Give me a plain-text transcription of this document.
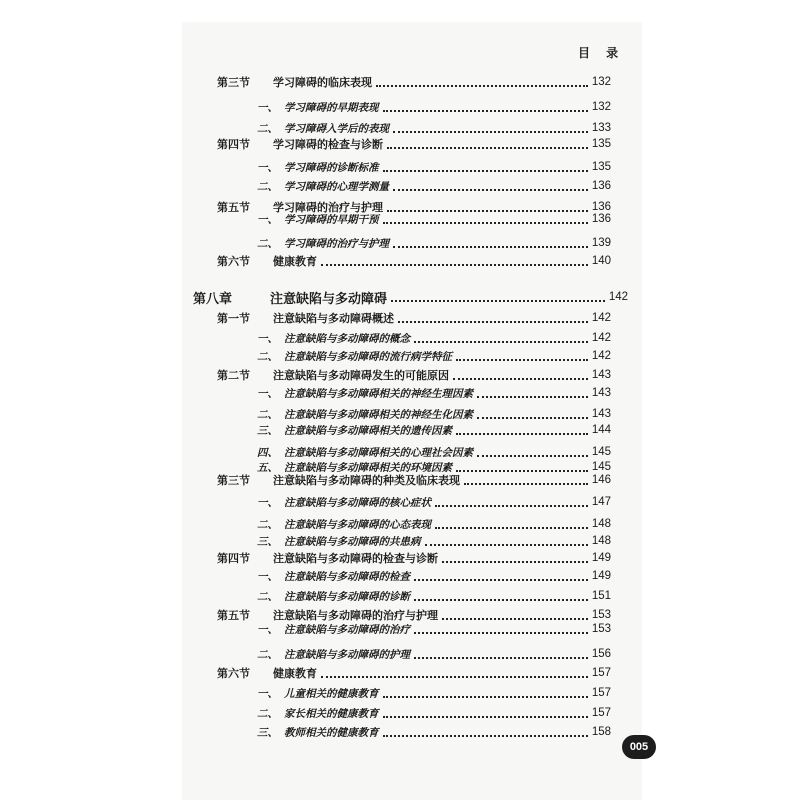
目 录
第三节 学习障碍的临床表现	132
一、 学习障碍的早期表现	132
二、 学习障碍入学后的表现	133
第四节 学习障碍的检查与诊断	135
一、 学习障碍的诊断标准	135
二、 学习障碍的心理学测量	136
第五节 学习障碍的治疗与护理	136
一、 学习障碍的早期干预	136
二、 学习障碍的治疗与护理	139
第六节 健康教育	140
第八章	注意缺陷与多动障碍	142
第一节 注意缺陷与多动障碍概述	142
一、 注意缺陷与多动障碍的概念	142
二、 注意缺陷与多动障碍的流行病学特征	142
第二节 注意缺陷与多动障碍发生的可能原因	143
一、 注意缺陷与多动障碍相关的神经生理因素	143
二、 注意缺陷与多动障碍相关的神经生化因素	143
三、 注意缺陷与多动障碍相关的遗传因素	144
四、 注意缺陷与多动障碍相关的心理社会因素	145
五、 注意缺陷与多动障碍相关的环境因素	145
第三节 注意缺陷与多动障碍的种类及临床表现	146
一、 注意缺陷与多动障碍的核心症状	147
二、 注意缺陷与多动障碍的心态表现	148
三、 注意缺陷与多动障碍的共患病	148
第四节 注意缺陷与多动障碍的检查与诊断	149
一、 注意缺陷与多动障碍的检查	149
二、 注意缺陷与多动障碍的诊断	151
第五节 注意缺陷与多动障碍的治疗与护理	153
一、 注意缺陷与多动障碍的治疗	153
二、 注意缺陷与多动障碍的护理	156
第六节 健康教育	157
一、 儿童相关的健康教育	157
二、 家长相关的健康教育	157
三、 教师相关的健康教育	158
005
